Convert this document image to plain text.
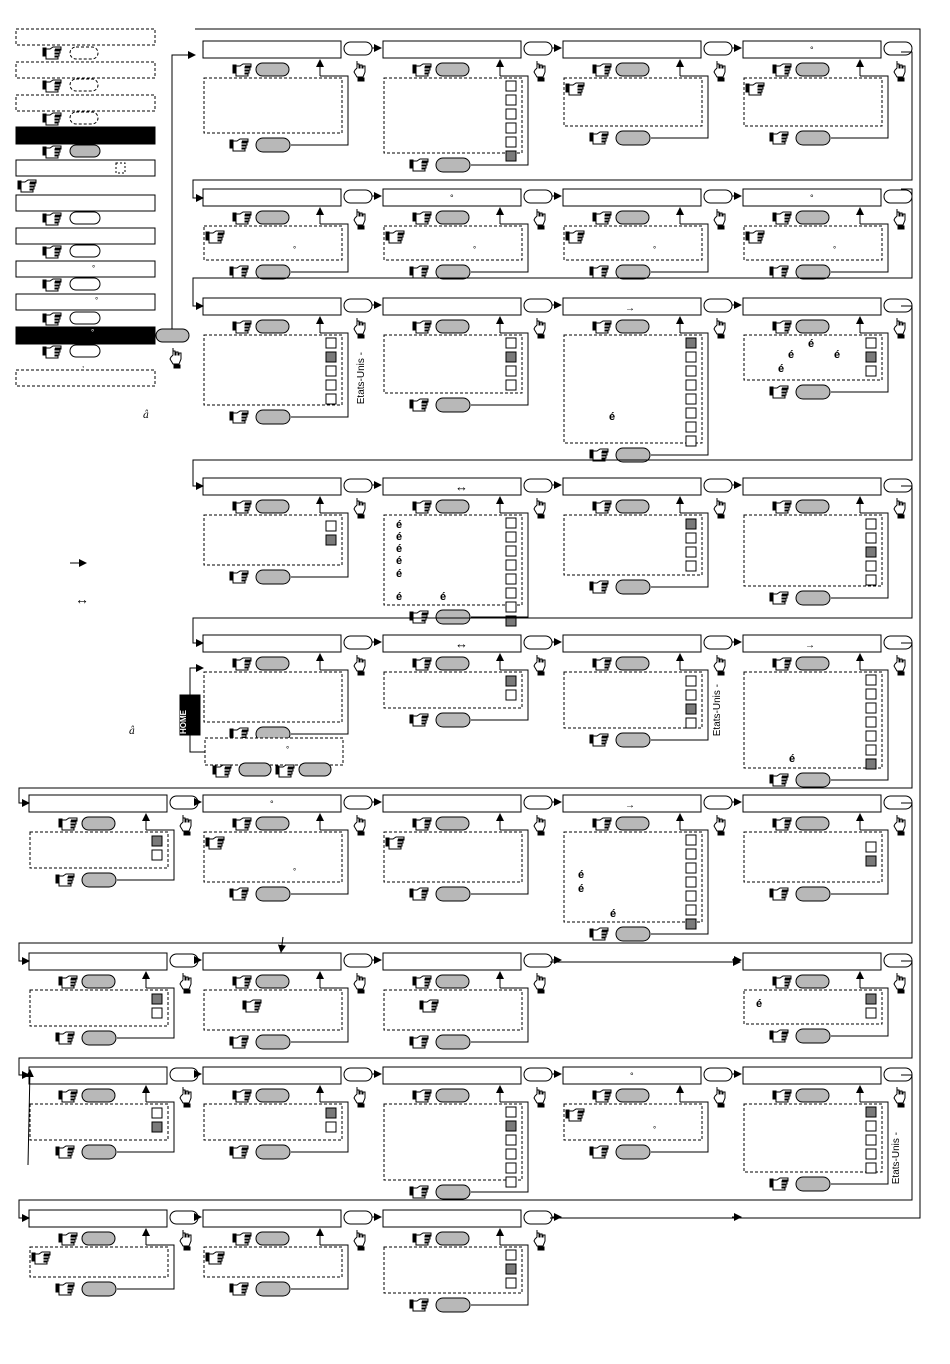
°
°
°
,
↔
°
°
°
°	°
°
°
→
é
é
é	é
é
↔
é
é
é
é
é
é	é
↔	→
é
°
HOME
°
°
→
é
é
é
é
°
°
â
â
Etats-Unis -
Etats-Unis -
Etats-Unis -
